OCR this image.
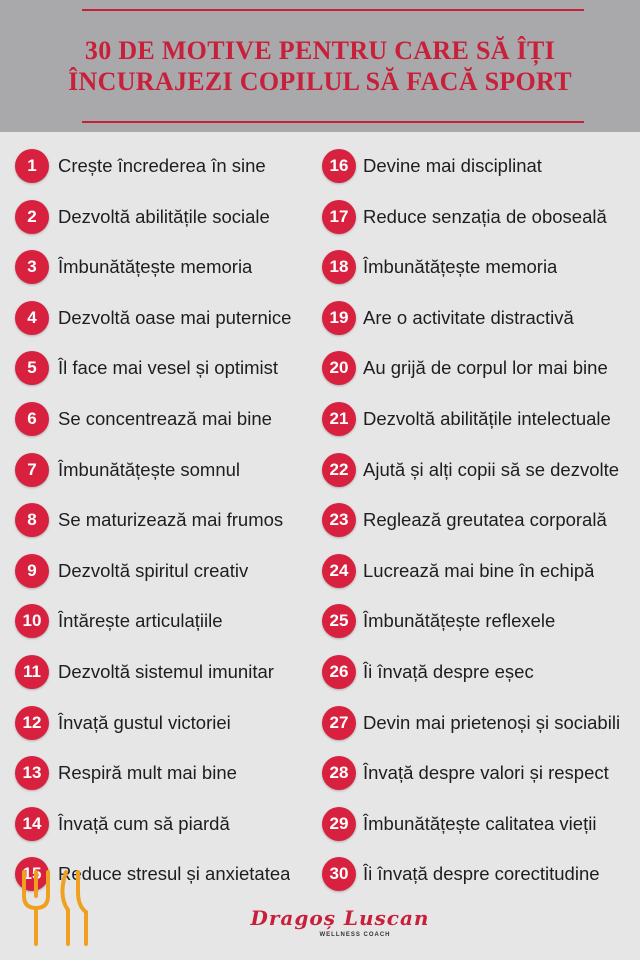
30 DE MOTIVE PENTRU CARE SĂ ÎȚI
ÎNCURAJEZI COPILUL SĂ FACĂ SPORT
1	Crește încrederea în sine
2	Dezvoltă abilitățile sociale
3	Îmbunătățește memoria
4	Dezvoltă oase mai puternice
5	Îl face mai vesel și optimist
6	Se concentrează mai bine
7	Îmbunătățește somnul
8	Se maturizează mai frumos
9	Dezvoltă spiritul creativ
10 Întărește articulațiile
11 Dezvoltă sistemul imunitar
12 Învață gustul victoriei
13 Respiră mult mai bine
14 Învață cum să piardă
15 Reduce stresul și anxietatea
16 Devine mai disciplinat
17 Reduce senzația de oboseală
18 Îmbunătățește memoria
19 Are o activitate distractivă
20 Au grijă de corpul lor mai bine
21 Dezvoltă abilitățile intelectuale
22 Ajută și alți copii să se dezvolte
23 Reglează greutatea corporală
24 Lucrează mai bine în echipă
25 Îmbunătățește reflexele
26 Îi învață despre eșec
27 Devin mai prietenoși și sociabili
28 Învață despre valori și respect
29 Îmbunătățește calitatea vieții
30 Îi învață despre corectitudine
Dragoș Luscan
WELLNESS COACH
